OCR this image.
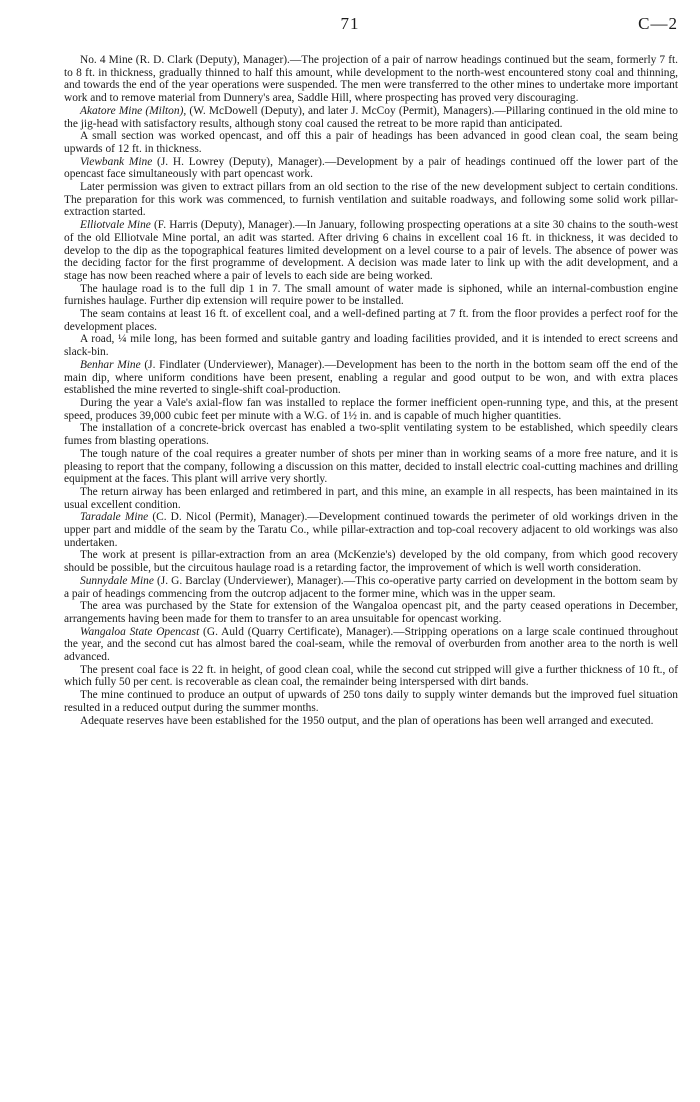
71	C—2

No. 4 Mine (R. D. Clark (Deputy), Manager).—The projection of a pair of narrow headings continued but the seam, formerly 7 ft. to 8 ft. in thickness, gradually thinned to half this amount, while development to the north-west encountered stony coal and thinning, and towards the end of the year operations were suspended. The men were transferred to the other mines to undertake more important work and to remove material from Dunnery's area, Saddle Hill, where prospecting has proved very discouraging.

Akatore Mine (Milton), (W. McDowell (Deputy), and later J. McCoy (Permit), Managers).—Pillaring continued in the old mine to the jig-head with satisfactory results, although stony coal caused the retreat to be more rapid than anticipated.

A small section was worked opencast, and off this a pair of headings has been advanced in good clean coal, the seam being upwards of 12 ft. in thickness.

Viewbank Mine (J. H. Lowrey (Deputy), Manager).—Development by a pair of headings continued off the lower part of the opencast face simultaneously with part opencast work.

Later permission was given to extract pillars from an old section to the rise of the new development subject to certain conditions. The preparation for this work was commenced, to furnish ventilation and suitable roadways, and following some solid work pillar-extraction started.

Elliotvale Mine (F. Harris (Deputy), Manager).—In January, following prospecting operations at a site 30 chains to the south-west of the old Elliotvale Mine portal, an adit was started. After driving 6 chains in excellent coal 16 ft. in thickness, it was decided to develop to the dip as the topographical features limited development on a level course to a pair of levels. The absence of power was the deciding factor for the first programme of development. A decision was made later to link up with the adit development, and a stage has now been reached where a pair of levels to each side are being worked.

The haulage road is to the full dip 1 in 7. The small amount of water made is siphoned, while an internal-combustion engine furnishes haulage. Further dip extension will require power to be installed.

The seam contains at least 16 ft. of excellent coal, and a well-defined parting at 7 ft. from the floor provides a perfect roof for the development places.

A road, ¼ mile long, has been formed and suitable gantry and loading facilities provided, and it is intended to erect screens and slack-bin.

Benhar Mine (J. Findlater (Underviewer), Manager).—Development has been to the north in the bottom seam off the end of the main dip, where uniform conditions have been present, enabling a regular and good output to be won, and with extra places established the mine reverted to single-shift coal-production.

During the year a Vale's axial-flow fan was installed to replace the former inefficient open-running type, and this, at the present speed, produces 39,000 cubic feet per minute with a W.G. of 1½ in. and is capable of much higher quantities.

The installation of a concrete-brick overcast has enabled a two-split ventilating system to be established, which speedily clears fumes from blasting operations.

The tough nature of the coal requires a greater number of shots per miner than in working seams of a more free nature, and it is pleasing to report that the company, following a discussion on this matter, decided to install electric coal-cutting machines and drilling equipment at the faces. This plant will arrive very shortly.

The return airway has been enlarged and retimbered in part, and this mine, an example in all respects, has been maintained in its usual excellent condition.

Taradale Mine (C. D. Nicol (Permit), Manager).—Development continued towards the perimeter of old workings driven in the upper part and middle of the seam by the Taratu Co., while pillar-extraction and top-coal recovery adjacent to old workings was also undertaken.

The work at present is pillar-extraction from an area (McKenzie's) developed by the old company, from which good recovery should be possible, but the circuitous haulage road is a retarding factor, the improvement of which is well worth consideration.

Sunnydale Mine (J. G. Barclay (Underviewer), Manager).—This co-operative party carried on development in the bottom seam by a pair of headings commencing from the outcrop adjacent to the former mine, which was in the upper seam.

The area was purchased by the State for extension of the Wangaloa opencast pit, and the party ceased operations in December, arrangements having been made for them to transfer to an area unsuitable for opencast working.

Wangaloa State Opencast (G. Auld (Quarry Certificate), Manager).—Stripping operations on a large scale continued throughout the year, and the second cut has almost bared the coal-seam, while the removal of overburden from another area to the north is well advanced.

The present coal face is 22 ft. in height, of good clean coal, while the second cut stripped will give a further thickness of 10 ft., of which fully 50 per cent. is recoverable as clean coal, the remainder being interspersed with dirt bands.

The mine continued to produce an output of upwards of 250 tons daily to supply winter demands but the improved fuel situation resulted in a reduced output during the summer months.

Adequate reserves have been established for the 1950 output, and the plan of operations has been well arranged and executed.
